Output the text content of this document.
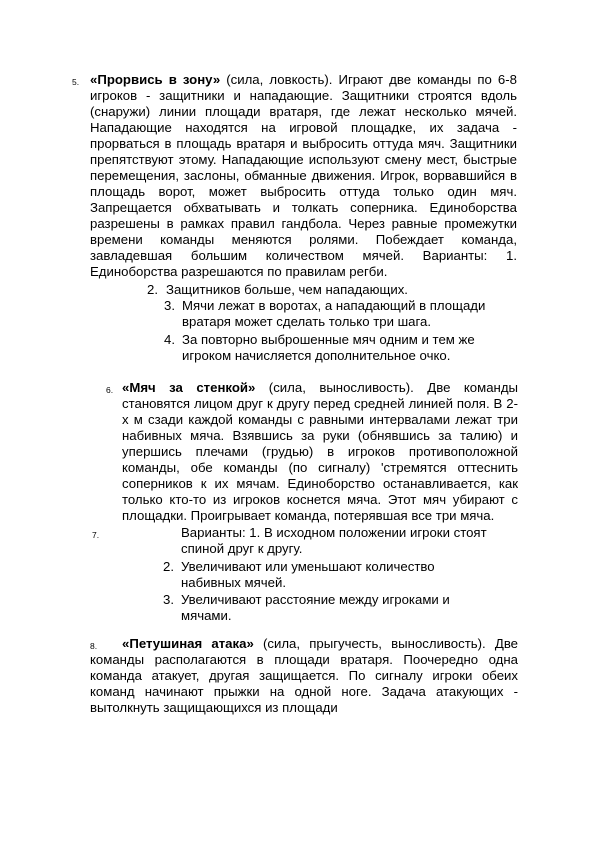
5. «Прорвись в зону» (сила, ловкость). Играют две команды по 6-8
игроков - защитники и нападающие. Защитники строятся вдоль
(снаружи) линии площади вратаря, где лежат несколько мячей.
Нападающие находятся на игровой площадке, их задача -
прорваться в площадь вратаря и выбросить оттуда мяч. Защитники
препятствуют этому. Нападающие используют смену мест, быстрые
перемещения, заслоны, обманные движения. Игрок, ворвавшийся в
площадь ворот, может выбросить оттуда только один мяч.
Запрещается обхватывать и толкать соперника. Единоборства
разрешены в рамках правил гандбола. Через равные промежутки
времени команды меняются ролями. Побеждает команда,
завладевшая большим количеством мячей. Варианты: 1.
Единоборства разрешаются по правилам регби.
2. Защитников больше, чем нападающих.
3. Мячи лежат в воротах, а нападающий в площади
вратаря может сделать только три шага.
4. За повторно выброшенные мяч одним и тем же
игроком начисляется дополнительное очко.
6. «Мяч за стенкой» (сила, выносливость). Две команды
становятся лицом друг к другу перед средней линией поля. В 2-
х м сзади каждой команды с равными интервалами лежат три
набивных мяча. Взявшись за руки (обнявшись за талию) и
упершись плечами (грудью) в игроков противоположной
команды, обе команды (по сигналу) 'стремятся оттеснить
соперников к их мячам. Единоборство останавливается, как
только кто-то из игроков коснется мяча. Этот мяч убирают с
площадки. Проигрывает команда, потерявшая все три мяча.
7.	Варианты: 1. В исходном положении игроки стоят
спиной друг к другу.
2. Увеличивают или уменьшают количество
набивных мячей.
3. Увеличивают расстояние между игроками и
мячами.
8. «Петушиная атака» (сила, прыгучесть, выносливость). Две
команды располагаются в площади вратаря. Поочередно одна
команда атакует, другая защищается. По сигналу игроки обеих
команд начинают прыжки на одной ноге. Задача атакующих -
вытолкнуть защищающихся из площади
